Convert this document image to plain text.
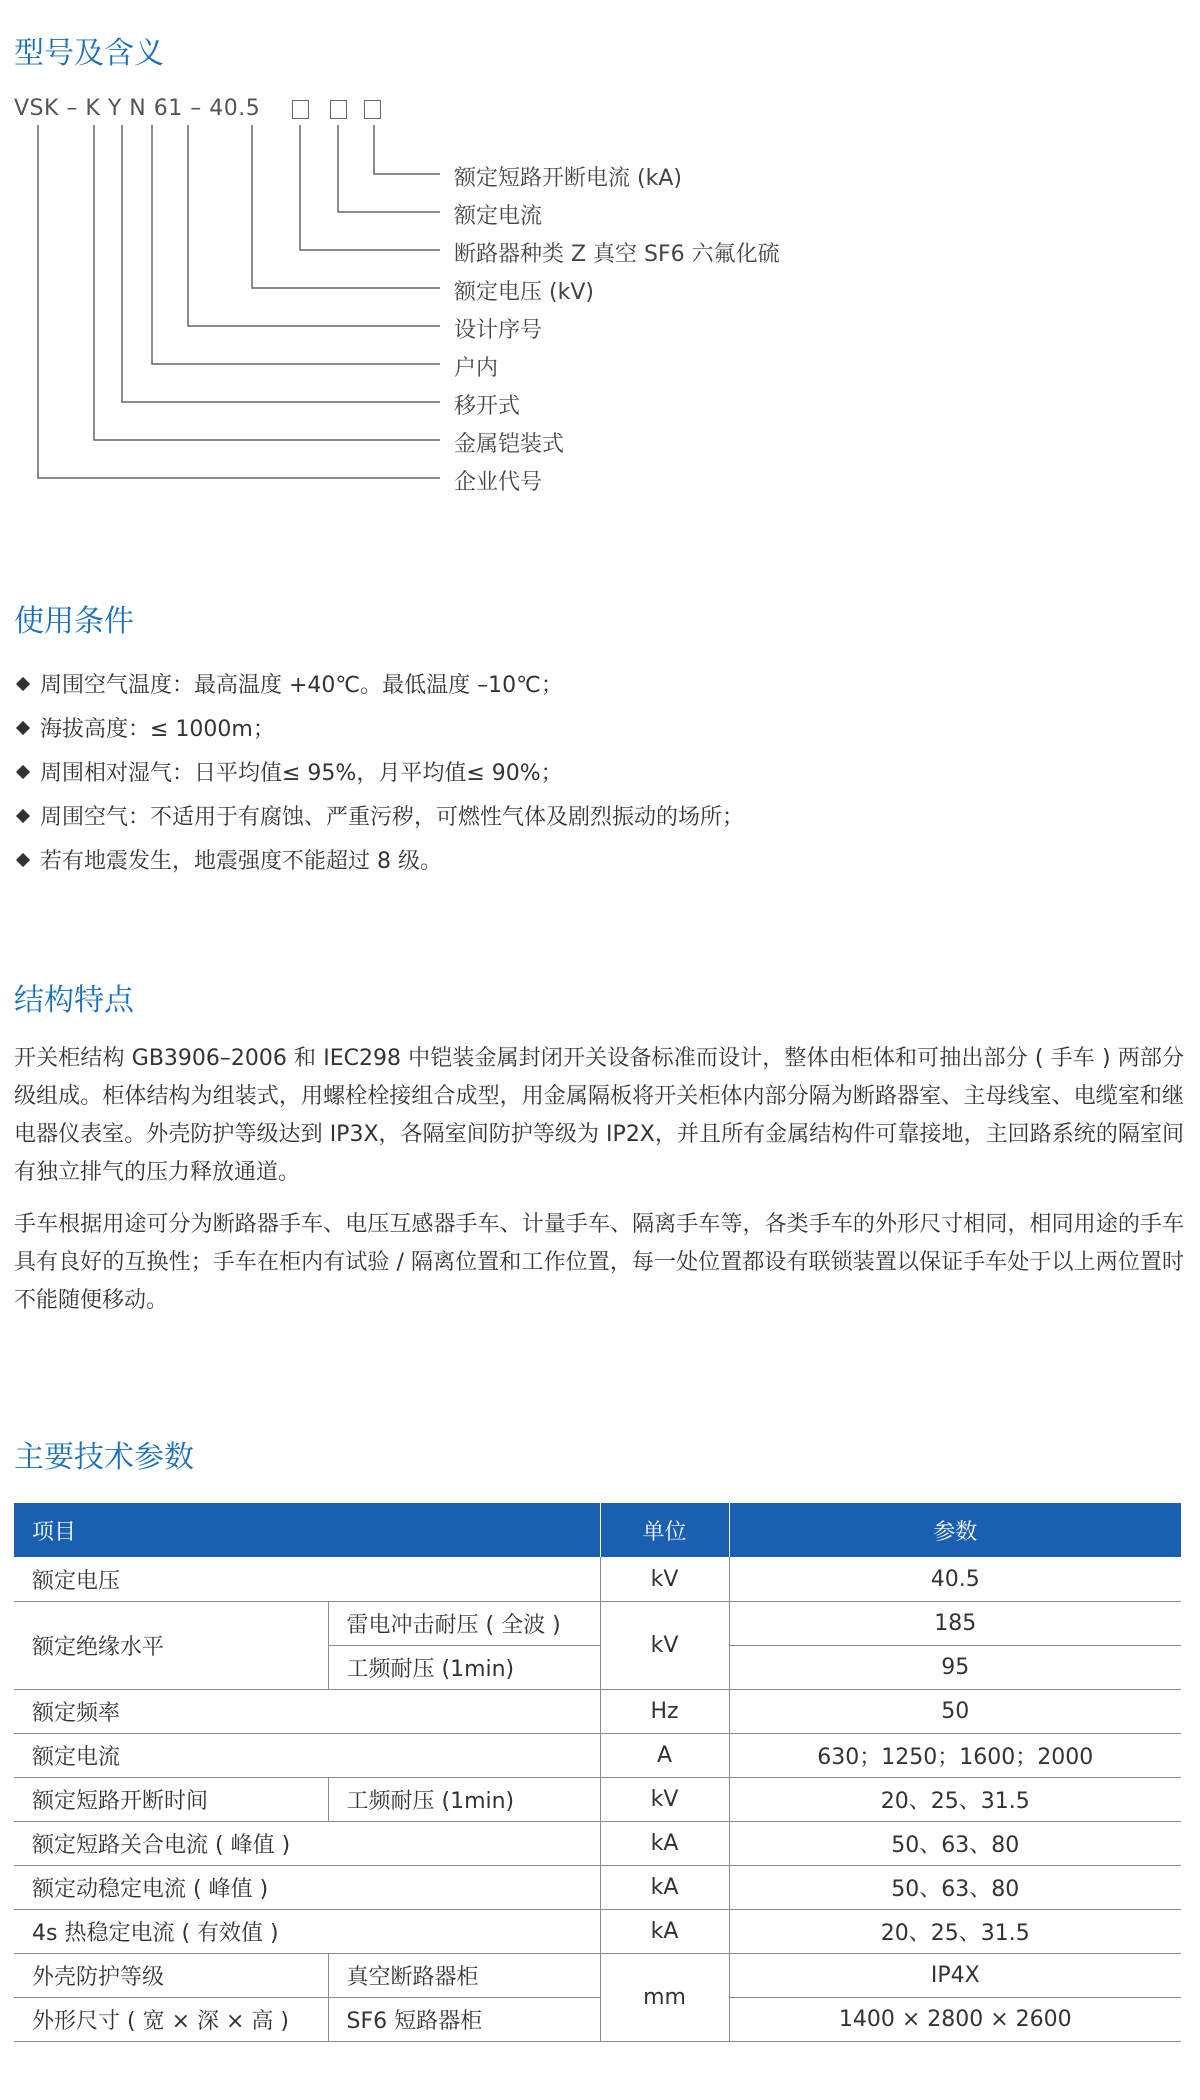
型号及含义
VSK – K Y N 61 – 40.5
额定短路开断电流 (kA)
额定电流
断路器种类 Z 真空 SF6 六氟化硫
额定电压 (kV)
设计序号
户内
移开式
金属铠装式
企业代号
使用条件
周围空气温度：最高温度 +40℃。最低温度 –10℃；
海拔高度：≤ 1000m；
周围相对湿气：日平均值≤ 95%，月平均值≤ 90%；
周围空气：不适用于有腐蚀、严重污秽，可燃性气体及剧烈振动的场所；
若有地震发生，地震强度不能超过 8 级。
结构特点

开关柜结构 GB3906–2006 和 IEC298 中铠装金属封闭开关设备标准而设计，整体由柜体和可抽出部分 ( 手车 ) 两部分级组成。柜体结构为组装式，用螺栓栓接组合成型，用金属隔板将开关柜体内部分隔为断路器室、主母线室、电缆室和继电器仪表室。外壳防护等级达到 IP3X，各隔室间防护等级为 IP2X，并且所有金属结构件可靠接地，主回路系统的隔室间有独立排气的压力释放通道。

手车根据用途可分为断路器手车、电压互感器手车、计量手车、隔离手车等，各类手车的外形尺寸相同，相同用途的手车具有良好的互换性；手车在柜内有试验 / 隔离位置和工作位置，每一处位置都设有联锁装置以保证手车处于以上两位置时不能随便移动。

主要技术参数
项目		单位	参数
额定电压		kV	40.5
额定绝缘水平	雷电冲击耐压 ( 全波 )	kV	185
	工频耐压 (1min)		95
额定频率		Hz	50
额定电流		A	630；1250；1600；2000
额定短路开断时间	工频耐压 (1min)	kV	20、25、31.5
额定短路关合电流 ( 峰值 )		kA	50、63、80
额定动稳定电流 ( 峰值 )		kA	50、63、80
4s 热稳定电流 ( 有效值 )		kA	20、25、31.5
外壳防护等级	真空断路器柜	mm	IP4X
外形尺寸 ( 宽 × 深 × 高 )	SF6 短路器柜		1400 × 2800 × 2600
